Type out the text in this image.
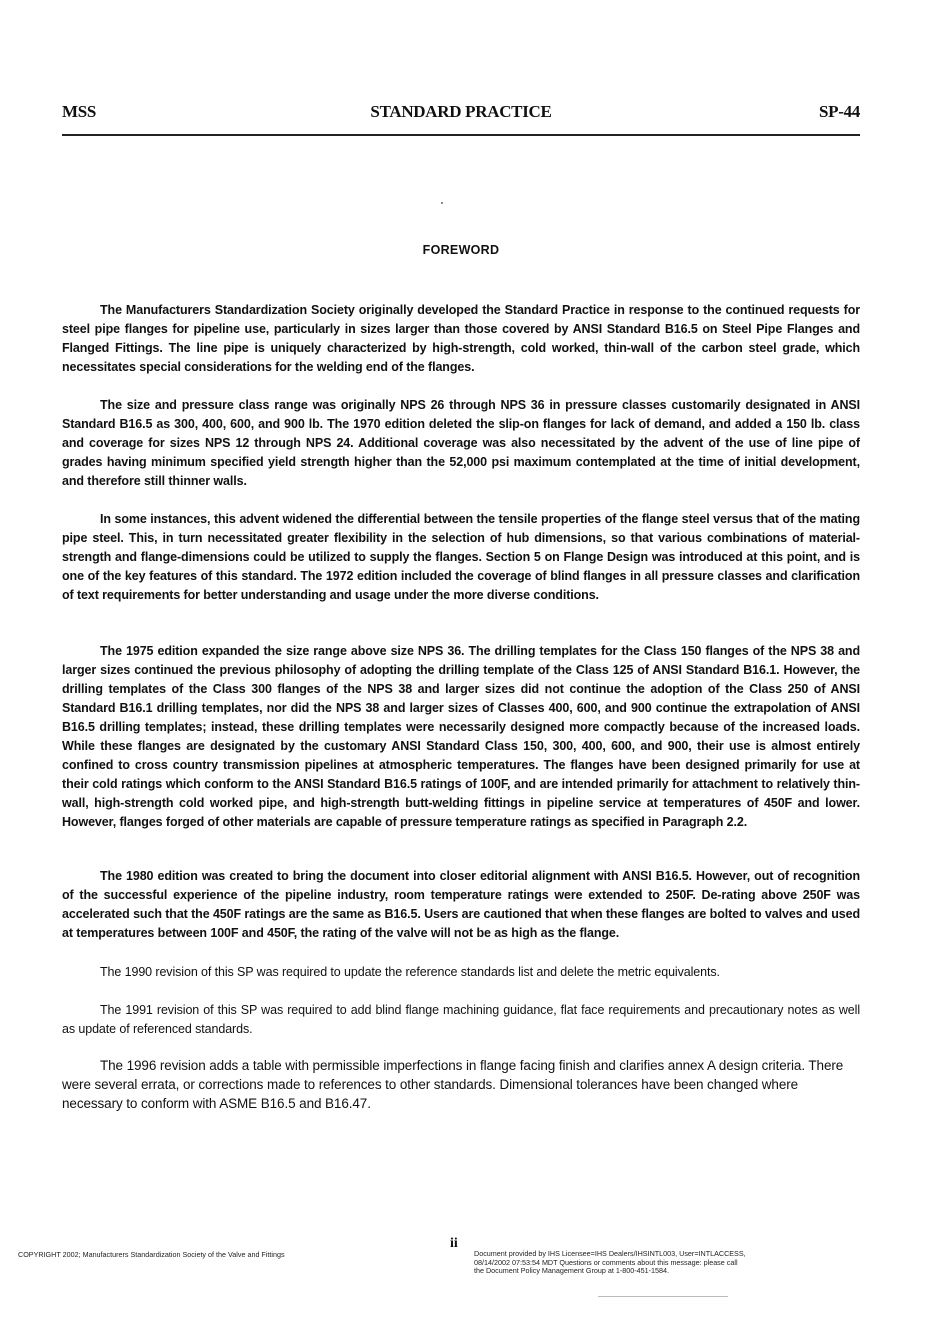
MSS	STANDARD PRACTICE	SP-44
FOREWORD

The Manufacturers Standardization Society originally developed the Standard Practice in response to the continued requests for steel pipe flanges for pipeline use, particularly in sizes larger than those covered by ANSI Standard B16.5 on Steel Pipe Flanges and Flanged Fittings. The line pipe is uniquely characterized by high-strength, cold worked, thin-wall of the carbon steel grade, which necessitates special considerations for the welding end of the flanges.

The size and pressure class range was originally NPS 26 through NPS 36 in pressure classes customarily designated in ANSI Standard B16.5 as 300, 400, 600, and 900 lb. The 1970 edition deleted the slip-on flanges for lack of demand, and added a 150 lb. class and coverage for sizes NPS 12 through NPS 24. Additional coverage was also necessitated by the advent of the use of line pipe of grades having minimum specified yield strength higher than the 52,000 psi maximum contemplated at the time of initial development, and therefore still thinner walls.

In some instances, this advent widened the differential between the tensile properties of the flange steel versus that of the mating pipe steel. This, in turn necessitated greater flexibility in the selection of hub dimensions, so that various combinations of material-strength and flange-dimensions could be utilized to supply the flanges. Section 5 on Flange Design was introduced at this point, and is one of the key features of this standard. The 1972 edition included the coverage of blind flanges in all pressure classes and clarification of text requirements for better understanding and usage under the more diverse conditions.

The 1975 edition expanded the size range above size NPS 36. The drilling templates for the Class 150 flanges of the NPS 38 and larger sizes continued the previous philosophy of adopting the drilling template of the Class 125 of ANSI Standard B16.1. However, the drilling templates of the Class 300 flanges of the NPS 38 and larger sizes did not continue the adoption of the Class 250 of ANSI Standard B16.1 drilling templates, nor did the NPS 38 and larger sizes of Classes 400, 600, and 900 continue the extrapolation of ANSI B16.5 drilling templates; instead, these drilling templates were necessarily designed more compactly because of the increased loads. While these flanges are designated by the customary ANSI Standard Class 150, 300, 400, 600, and 900, their use is almost entirely confined to cross country transmission pipelines at atmospheric temperatures. The flanges have been designed primarily for use at their cold ratings which conform to the ANSI Standard B16.5 ratings of 100F, and are intended primarily for attachment to relatively thin-wall, high-strength cold worked pipe, and high-strength butt-welding fittings in pipeline service at temperatures of 450F and lower. However, flanges forged of other materials are capable of pressure temperature ratings as specified in Paragraph 2.2.

The 1980 edition was created to bring the document into closer editorial alignment with ANSI B16.5. However, out of recognition of the successful experience of the pipeline industry, room temperature ratings were extended to 250F. De-rating above 250F was accelerated such that the 450F ratings are the same as B16.5. Users are cautioned that when these flanges are bolted to valves and used at temperatures between 100F and 450F, the rating of the valve will not be as high as the flange.

The 1990 revision of this SP was required to update the reference standards list and delete the metric equivalents.

The 1991 revision of this SP was required to add blind flange machining guidance, flat face requirements and precautionary notes as well as update of referenced standards.

The 1996 revision adds a table with permissible imperfections in flange facing finish and clarifies annex A design criteria. There were several errata, or corrections made to references to other standards. Dimensional tolerances have been changed where necessary to conform with ASME B16.5 and B16.47.

ii
COPYRIGHT 2002; Manufacturers Standardization Society of the Valve and Fittings	Document provided by IHS Licensee=IHS Dealers/IHSINTL003, User=INTLACCESS,
08/14/2002 07:53:54 MDT Questions or comments about this message: please call
the Document Policy Management Group at 1-800-451-1584.
